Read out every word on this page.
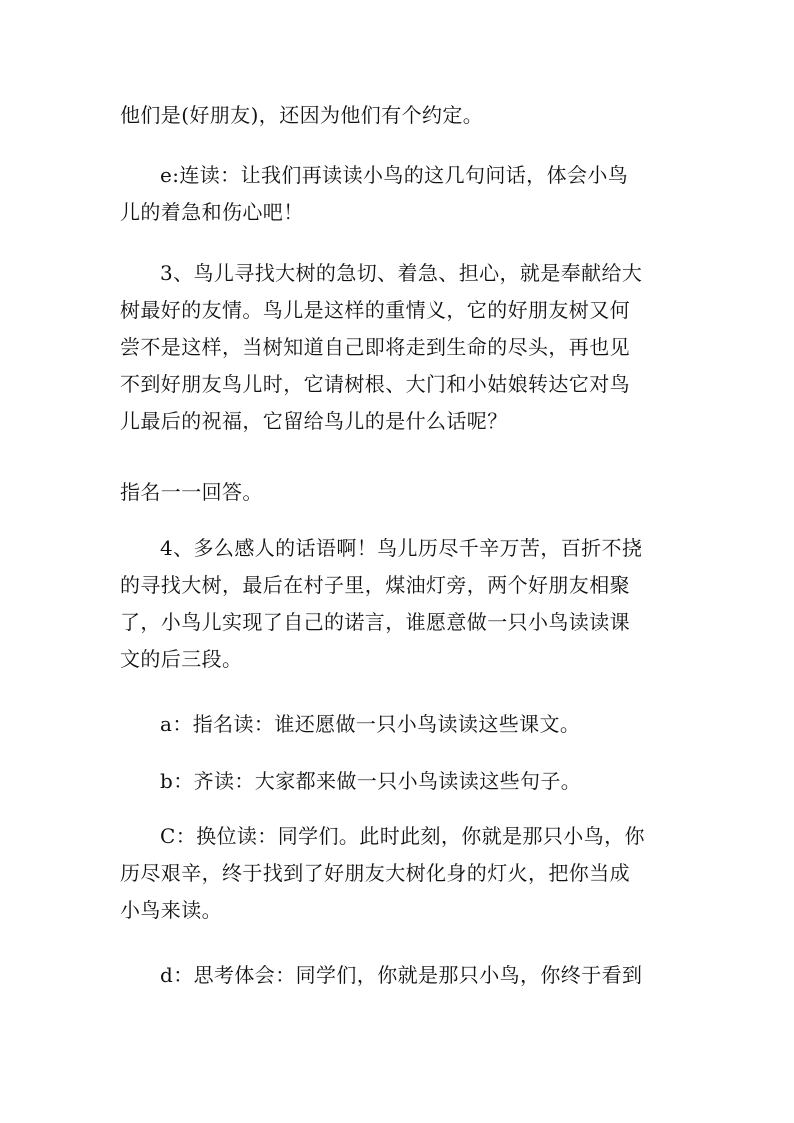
他们是(好朋友)，还因为他们有个约定。
e:连读：让我们再读读小鸟的这几句问话，体会小鸟
儿的着急和伤心吧！
3、鸟儿寻找大树的急切、着急、担心，就是奉献给大
树最好的友情。鸟儿是这样的重情义，它的好朋友树又何
尝不是这样，当树知道自己即将走到生命的尽头，再也见
不到好朋友鸟儿时，它请树根、大门和小姑娘转达它对鸟
儿最后的祝福，它留给鸟儿的是什么话呢？
指名一一回答。
4、多么感人的话语啊！鸟儿历尽千辛万苦，百折不挠
的寻找大树，最后在村子里，煤油灯旁，两个好朋友相聚
了，小鸟儿实现了自己的诺言，谁愿意做一只小鸟读读课
文的后三段。
a：指名读：谁还愿做一只小鸟读读这些课文。
b：齐读：大家都来做一只小鸟读读这些句子。
C：换位读：同学们。此时此刻，你就是那只小鸟，你
历尽艰辛，终于找到了好朋友大树化身的灯火，把你当成
小鸟来读。
d：思考体会：同学们，你就是那只小鸟，你终于看到
